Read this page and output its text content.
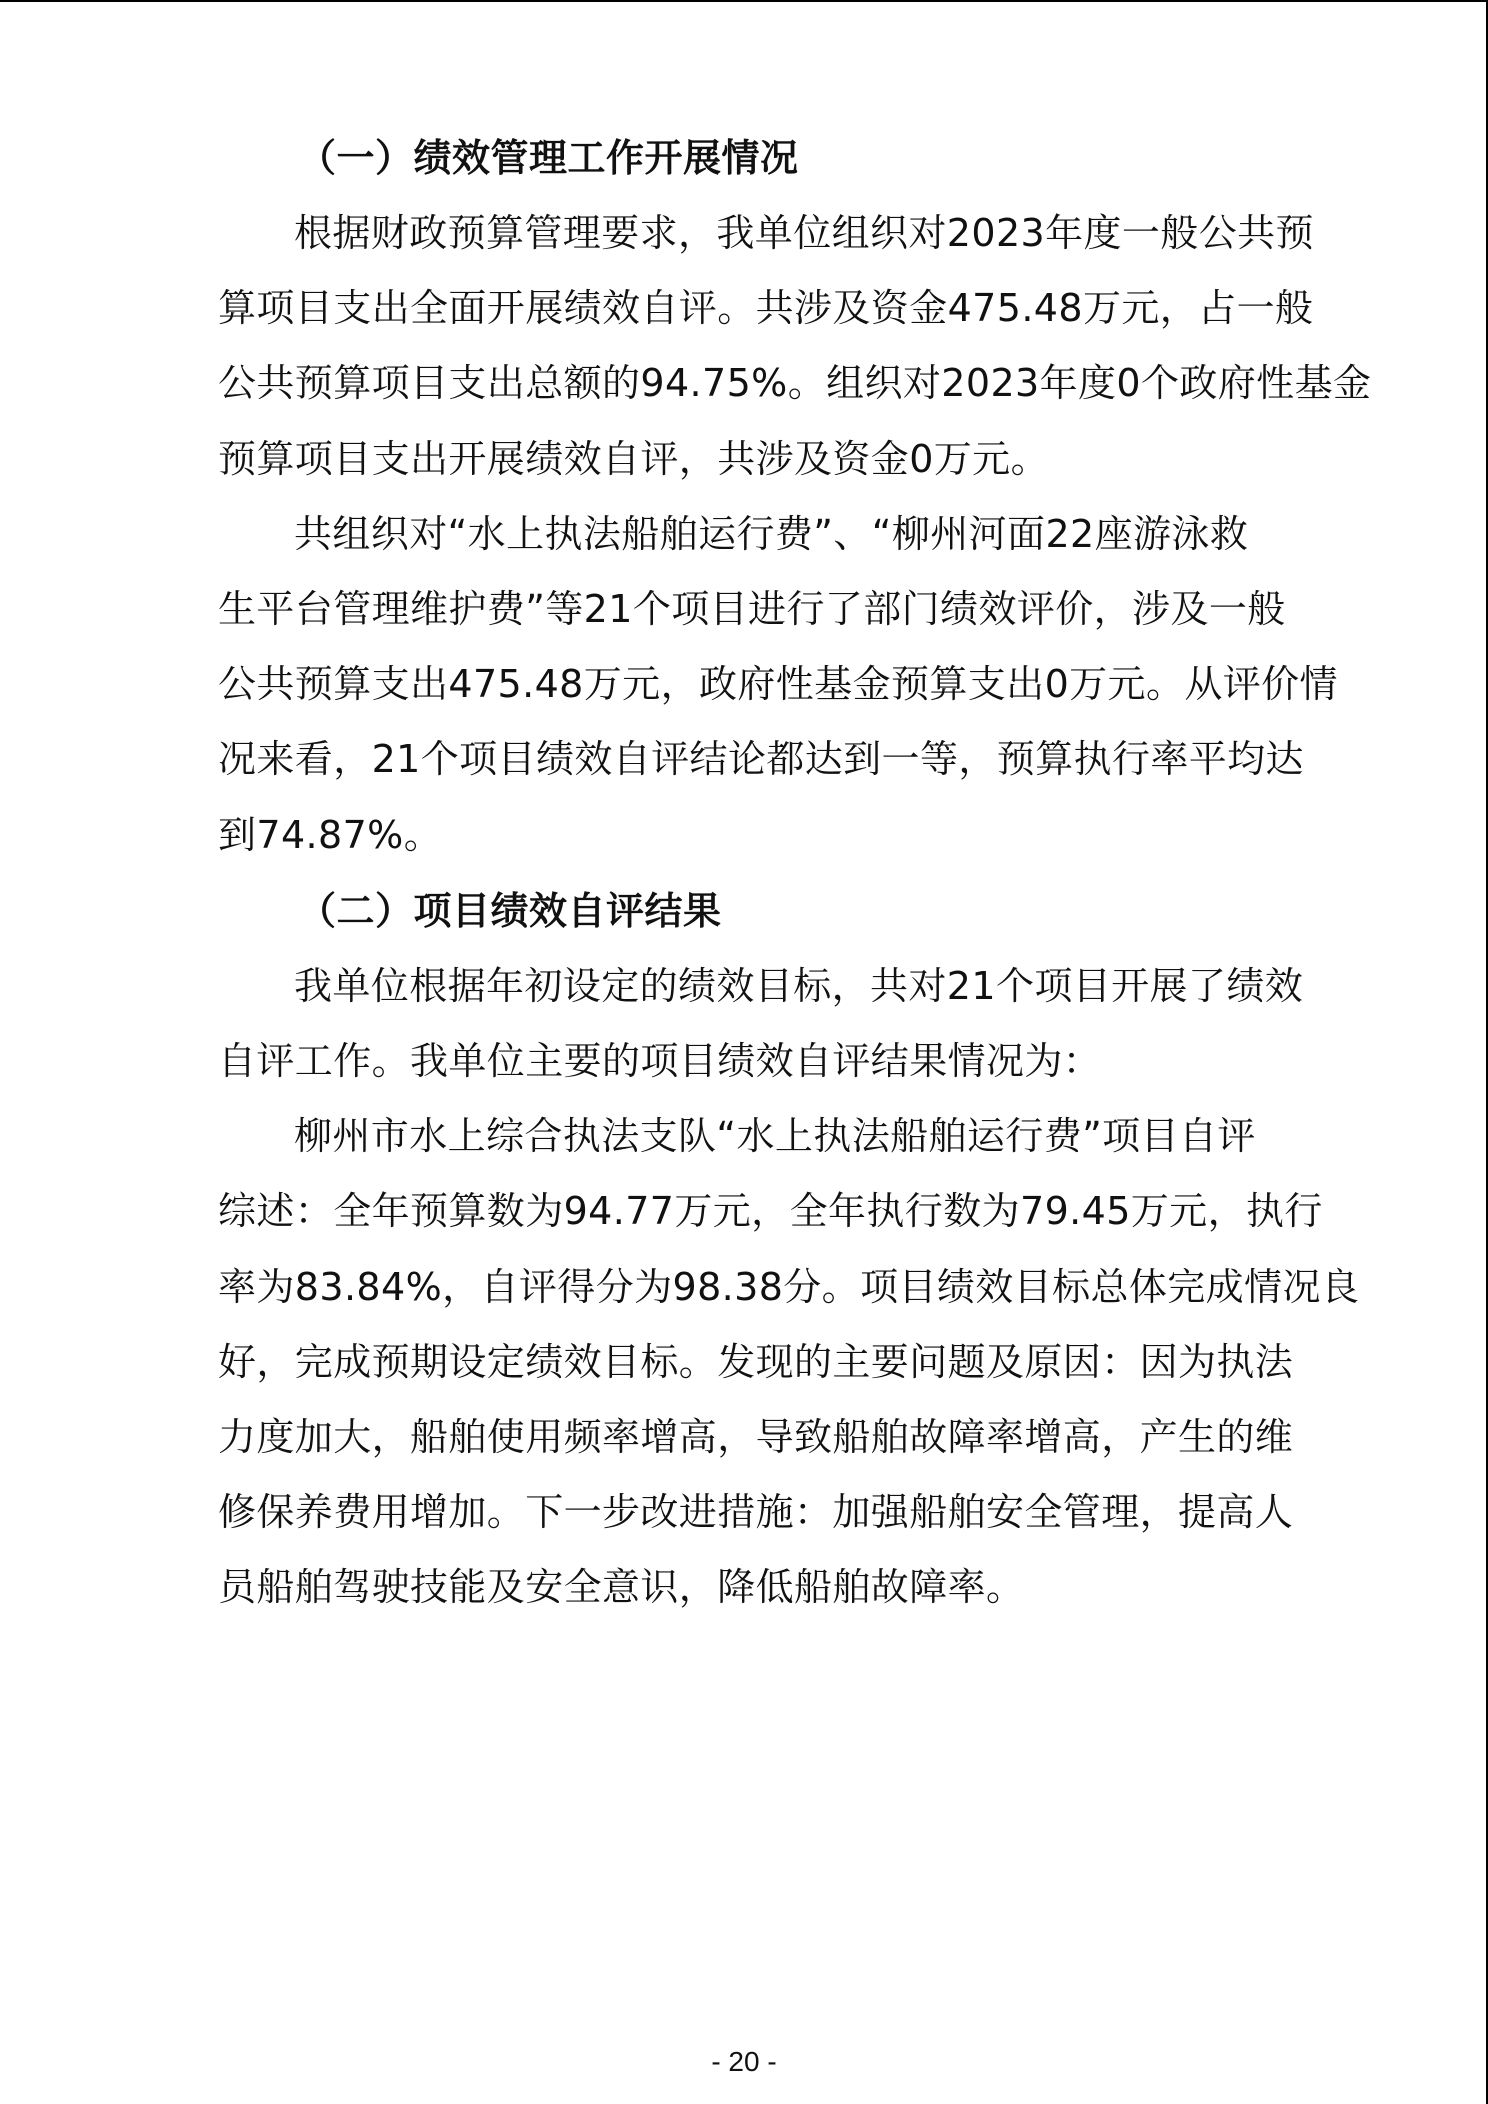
（一）绩效管理工作开展情况
根据财政预算管理要求，我单位组织对2023年度一般公共预
算项目支出全面开展绩效自评。共涉及资金475.48万元，占一般
公共预算项目支出总额的94.75%。组织对2023年度0个政府性基金
预算项目支出开展绩效自评，共涉及资金0万元。
共组织对“水上执法船舶运行费”、“柳州河面22座游泳救
生平台管理维护费”等21个项目进行了部门绩效评价，涉及一般
公共预算支出475.48万元，政府性基金预算支出0万元。从评价情
况来看，21个项目绩效自评结论都达到一等，预算执行率平均达
到74.87%。
（二）项目绩效自评结果
我单位根据年初设定的绩效目标，共对21个项目开展了绩效
自评工作。我单位主要的项目绩效自评结果情况为：
柳州市水上综合执法支队“水上执法船舶运行费”项目自评
综述：全年预算数为94.77万元，全年执行数为79.45万元，执行
率为83.84%，自评得分为98.38分。项目绩效目标总体完成情况良
好，完成预期设定绩效目标。发现的主要问题及原因：因为执法
力度加大，船舶使用频率增高，导致船舶故障率增高，产生的维
修保养费用增加。下一步改进措施：加强船舶安全管理，提高人
员船舶驾驶技能及安全意识，降低船舶故障率。
- 20 -
